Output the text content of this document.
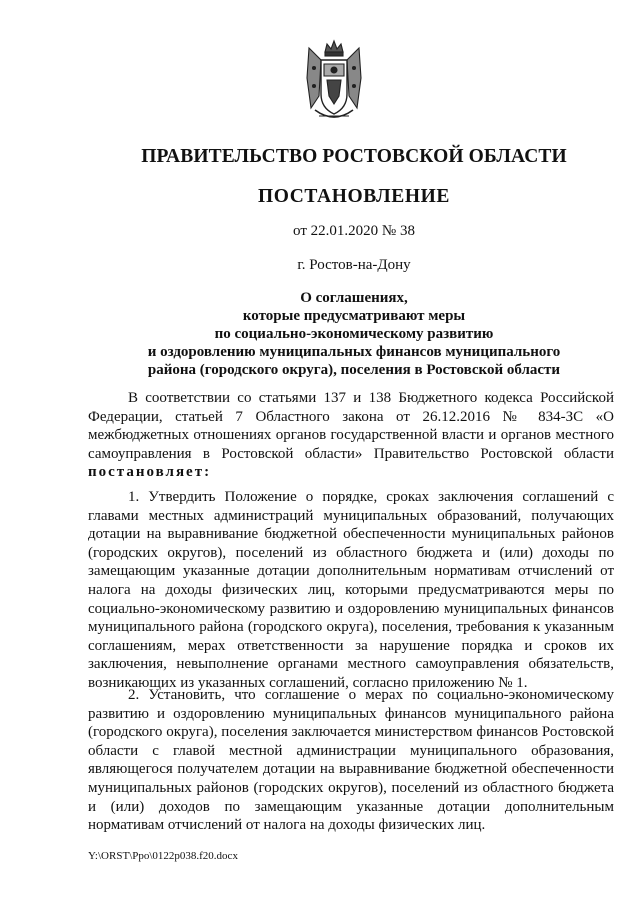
ПРАВИТЕЛЬСТВО РОСТОВСКОЙ ОБЛАСТИ
ПОСТАНОВЛЕНИЕ
от 22.01.2020 № 38
г. Ростов-на-Дону
О соглашениях,
которые предусматривают меры
по социально-экономическому развитию
и оздоровлению муниципальных финансов муниципального
района (городского округа), поселения в Ростовской области

В соответствии со статьями 137 и 138 Бюджетного кодекса Российской Федерации, статьей 7 Областного закона от 26.12.2016 № 834-ЗС «О межбюджетных отношениях органов государственной власти и органов местного самоуправления в Ростовской области» Правительство Ростовской области постановляет:

1. Утвердить Положение о порядке, сроках заключения соглашений с главами местных администраций муниципальных образований, получающих дотации на выравнивание бюджетной обеспеченности муниципальных районов (городских округов), поселений из областного бюджета и (или) доходы по замещающим указанные дотации дополнительным нормативам отчислений от налога на доходы физических лиц, которыми предусматриваются меры по социально-экономическому развитию и оздоровлению муниципальных финансов муниципального района (городского округа), поселения, требования к указанным соглашениям, мерах ответственности за нарушение порядка и сроков их заключения, невыполнение органами местного самоуправления обязательств, возникающих из указанных соглашений, согласно приложению № 1.

2. Установить, что соглашение о мерах по социально-экономическому развитию и оздоровлению муниципальных финансов муниципального района (городского округа), поселения заключается министерством финансов Ростовской области с главой местной администрации муниципального образования, являющегося получателем дотации на выравнивание бюджетной обеспеченности муниципальных районов (городских округов), поселений из областного бюджета и (или) доходов по замещающим указанные дотации дополнительным нормативам отчислений от налога на доходы физических лиц.

Y:\ORST\Ppo\0122p038.f20.docx
